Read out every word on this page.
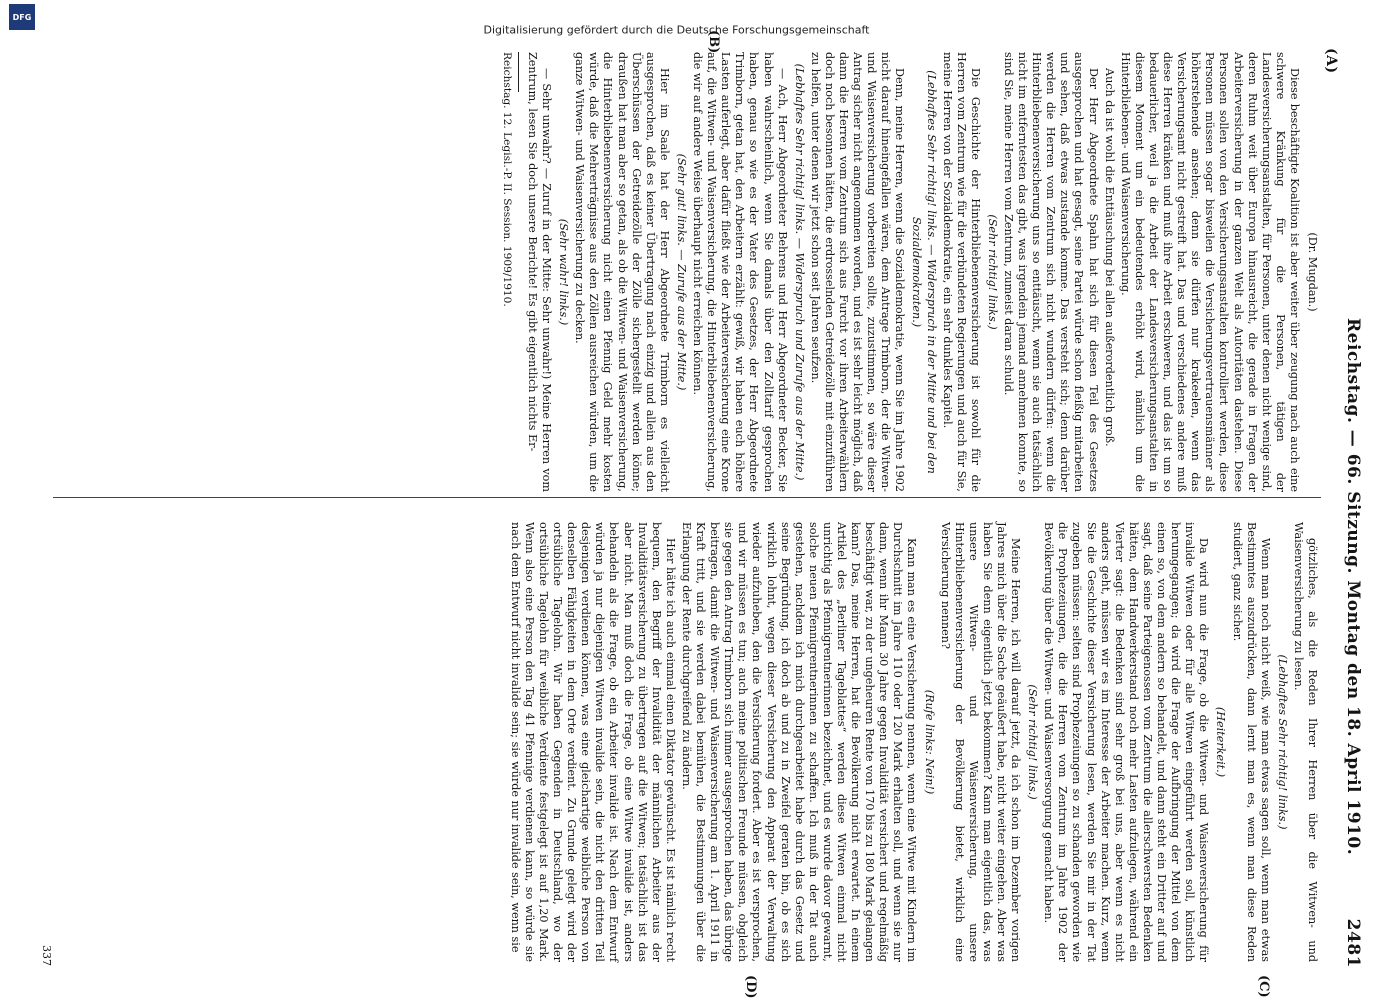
Digitalisierung gefördert durch die Deutsche Forschungsgemeinschaft
DFG
(A)
Reichstag. — 66. Sitzung. Montag den 18. April 1910.
2481
(B)
(C)
(D)

(Dr. Mugdan.)

Diese beschäftigte Koalition ist aber weiter über zeugung nach auch eine schwere Kränkung für die Personen, tätigen der Landesversicherungsanstalten, für Personen, unter denen nicht wenige sind, deren Ruhm weit über Europa hinausreicht, die gerade in Fragen der Arbeiterversicherung in der ganzen Welt als Autoritäten dastehen. Diese Personen sollen von den Versicherungsanstalten kontrolliert werden, diese Personen müssen sogar bisweilen die Versicherungsvertrauensmänner als höherstehende ansehen; denn sie dürfen nur krakeelen, wenn das Versicherungsamt nicht gestreift hat. Das und verschiedenes andere muß diese Herren kränken und muß ihre Arbeit erschweren, und das ist um so bedauerlicher, weil ja die Arbeit der Landesversicherungsanstalten in diesem Moment um ein bedeutendes erhöht wird, nämlich um die Hinterbliebenen- und Waisenversicherung.

Auch da ist wohl die Enttäuschung bei allen außerordentlich groß.

Der Herr Abgeordnete Spahn hat sich für diesen Teil des Gesetzes ausgesprochen und hat gesagt, seine Partei würde schon fleißig mitarbeiten und sehen, daß etwas zustande komme. Das versteht sich; denn darüber werden die Herren vom Zentrum sich nicht wundern dürfen: wenn die Hinterbliebenenversicherung uns so enttäuscht, wenn sie auch tatsächlich nicht im entferntesten das gibt, was irgendein jemand annehmen konnte, so sind Sie, meine Herren vom Zentrum, zumeist daran schuld.

(Sehr richtig! links.)

Die Geschichte der Hinterbliebenenversicherung ist sowohl für die Herren vom Zentrum wie für die verbündeten Regierungen und auch für Sie, meine Herren von der Sozialdemokratie, ein sehr dunkles Kapitel.

(Lebhaftes Sehr richtig! links. — Widerspruch in der Mitte und bei den Sozialdemokraten.)

Denn, meine Herren, wenn die Sozialdemokratie, wenn Sie im Jahre 1902 nicht darauf hineingefallen wären, dem Antrage Trimborn, der die Witwen- und Waisenversicherung vorbereiten sollte, zuzustimmen, so wäre dieser Antrag sicher nicht angenommen worden, und es ist sehr leicht möglich, daß dann die Herren vom Zentrum sich aus Furcht vor ihren Arbeiterwählern doch noch besonnen hätten, die erdrosselnden Getreidezölle mit einzuführen zu helfen, unter denen wir jetzt schon seit Jahren seufzen.

(Lebhaftes Sehr richtig! links. — Widerspruch und Zurufe aus der Mitte.)

— Ach, Herr Abgeordneter Behrens und Herr Abgeordneter Becker, Sie haben wahrscheinlich, wenn Sie damals über den Zolltarif gesprochen haben, genau so wie es der Vater des Gesetzes, der Herr Abgeordnete Trimborn, getan hat, den Arbeitern erzählt: gewiß, wir haben euch höhere Lasten auferlegt, aber dafür fließt wie der Arbeiterversicherung eine Krone auf, die Witwen- und Waisenversicherung, die Hinterbliebenenversicherung, die wir auf andere Weise überhaupt nicht erreichen können.

(Sehr gut! links. — Zurufe aus der Mitte.)

Hier im Saale hat der Herr Abgeordnete Trimborn es vielleicht ausgesprochen, daß es keiner Übertragung nach einzig und allein aus den Überschüssen der Getreidezölle der Zölle sichergestellt werden könne; draußen hat man aber so getan, als ob die Witwen- und Waisenversicherung, die Hinterbliebenenversicherung nicht einen Pfennig Geld mehr kosten würde, daß die Mehrerträgnisse aus den Zöllen ausreichen würden, um die ganze Witwen- und Waisenversicherung zu decken.

(Sehr wahr! links.)

— Sehr unwahr? — Zuruf in der Mitte: Sehr unwahr!) Meine Herren vom Zentrum, lesen Sie doch unsere Berichte! Es gibt eigentlich nichts Er-

Reichstag. 12. Legisl.-P. II. Session. 1909/1910.

götzliches, als die Reden Ihrer Herren über die Witwen- und Waisenversicherung zu lesen.

(Lebhaftes Sehr richtig! links.)

Wenn man noch nicht weiß, wie man etwas sagen soll, wenn man etwas Bestimmtes auszudrücken, dann lernt man es, wenn man diese Reden studiert, ganz sicher.

(Heiterkeit.)

Da wird nun die Frage, ob die Witwen- und Waisenversicherung für invalide Witwen oder für alle Witwen eingeführt werden soll, künstlich herumgegangen; da wird die Frage der Aufbringung der Mittel von dem einen so, von dem andern so behandelt, und dann steht ein Dritter auf und sagt, daß seine Parteigenossen vom Zentrum die allerschwersten Bedenken hätten, dem Handwerkerstand noch mehr Lasten aufzulegen, während ein Vierter sagt: die Bedenken sind sehr groß bei uns, aber wenn es nicht anders geht, müssen wir es im Interesse der Arbeiter machen. Kurz, wenn Sie die Geschichte dieser Versicherung lesen, werden Sie mir in der Tat zugeben müssen: selten sind Prophezeiungen so zu schanden geworden wie die Prophezeiungen, die die Herren vom Zentrum im Jahre 1902 der Bevölkerung über die Witwen- und Waisenversorgung gemacht haben.

(Sehr richtig! links.)

Meine Herren, ich will darauf jetzt, da ich schon im Dezember vorigen Jahres mich über die Sache geäußert habe, nicht weiter eingehen. Aber was haben Sie denn eigentlich jetzt bekommen? Kann man eigentlich das, was unsere Witwen- und Waisenversicherung, unsere Hinterbliebenenversicherung der Bevölkerung bietet, wirklich eine Versicherung nennen?

(Rufe links: Nein!)

Kann man es eine Versicherung nennen, wenn eine Witwe mit Kindern im Durchschnitt im Jahre 110 oder 120 Mark erhalten soll, und wenn sie nur dann, wenn ihr Mann 30 Jahre gegen Invalidität versichert und regelmäßig beschäftigt war, zu der ungeheuren Rente von 170 bis zu 180 Mark gelangen kann? Das, meine Herren, hat die Bevölkerung nicht erwartet. In einem Artikel des „Berliner Tageblattes“ werden diese Witwen einmal nicht unrichtig als Pfennigrentnerinnen bezeichnet, und es wurde davor gewarnt, solche neuen Pfennigrentnerinnen zu schaffen. Ich muß in der Tat auch gestehen, nachdem ich mich durchgearbeitet habe durch das Gesetz und seine Begründung, ich doch ab und zu in Zweifel geraten bin, ob es sich wirklich lohnt, wegen dieser Versicherung den Apparat der Verwaltung wieder aufzuheben, den die Versicherung fordert. Aber es ist versprochen, und wir müssen es tun; auch meine politischen Freunde müssen, obgleich sie gegen den Antrag Trimborn sich immer ausgesprochen haben, das übrige beitragen, damit die Witwen- und Waisenversicherung am 1. April 1911 in Kraft tritt, und sie werden dabei bemühen, die Bestimmungen über die Erlangung der Rente durchgreifend zu ändern.

Hier hätte ich auch einmal einen Diktator gewünscht. Es ist nämlich recht bequem, den Begriff der Invalidität der männlichen Arbeiter aus der Invaliditätsversicherung zu übertragen auf die Witwen; tatsächlich ist das aber nicht. Man muß doch die Frage, ob eine Witwe invalide ist, anders behandeln als die Frage, ob ein Arbeiter invalide ist. Nach dem Entwurf würden ja nur diejenigen Witwen invalide sein, die nicht den dritten Teil desjenigen verdienen können, was eine gleichartige weibliche Person von denselben Fähigkeiten in dem Orte verdient. Zu Grunde gelegt wird der ortsübliche Tagelohn. Wir haben Gegenden in Deutschland, wo der ortsübliche Tagelohn für weibliche Verdiente festgelegt ist auf 1,20 Mark. Wenn also eine Person den Tag 41 Pfennige verdienen kann, so würde sie nach dem Entwurf nicht invalide sein; sie würde nur invalide sein, wenn sie

337
